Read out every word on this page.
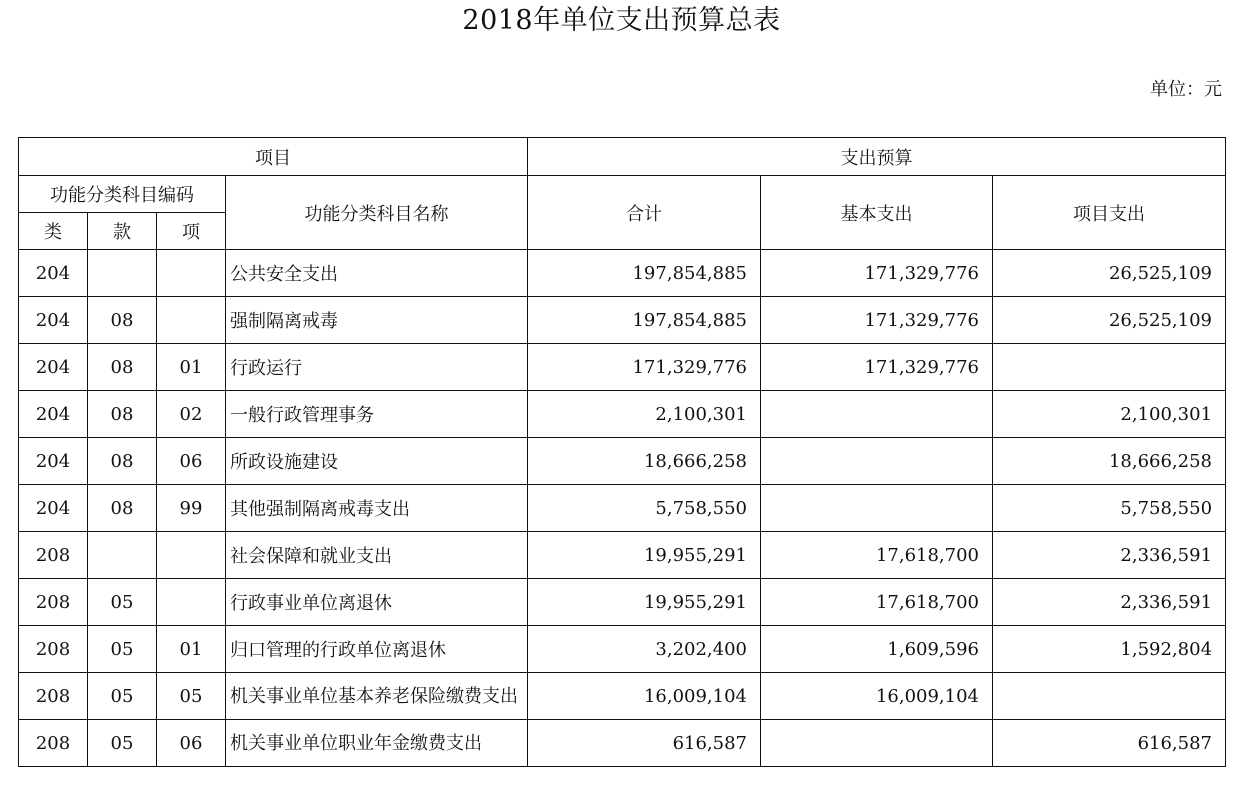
2018年单位支出预算总表
单位：元
项目				支出预算		
功能分类科目编码			功能分类科目名称	合计	基本支出	项目支出
类	款	项				
204			公共安全支出	197,854,885	171,329,776	26,525,109
204	08		强制隔离戒毒	197,854,885	171,329,776	26,525,109
204	08	01	行政运行	171,329,776	171,329,776	
204	08	02	一般行政管理事务	2,100,301		2,100,301
204	08	06	所政设施建设	18,666,258		18,666,258
204	08	99	其他强制隔离戒毒支出	5,758,550		5,758,550
208			社会保障和就业支出	19,955,291	17,618,700	2,336,591
208	05		行政事业单位离退休	19,955,291	17,618,700	2,336,591
208	05	01	归口管理的行政单位离退休	3,202,400	1,609,596	1,592,804
208	05	05	机关事业单位基本养老保险缴费支出	16,009,104	16,009,104	
208	05	06	机关事业单位职业年金缴费支出	616,587		616,587
